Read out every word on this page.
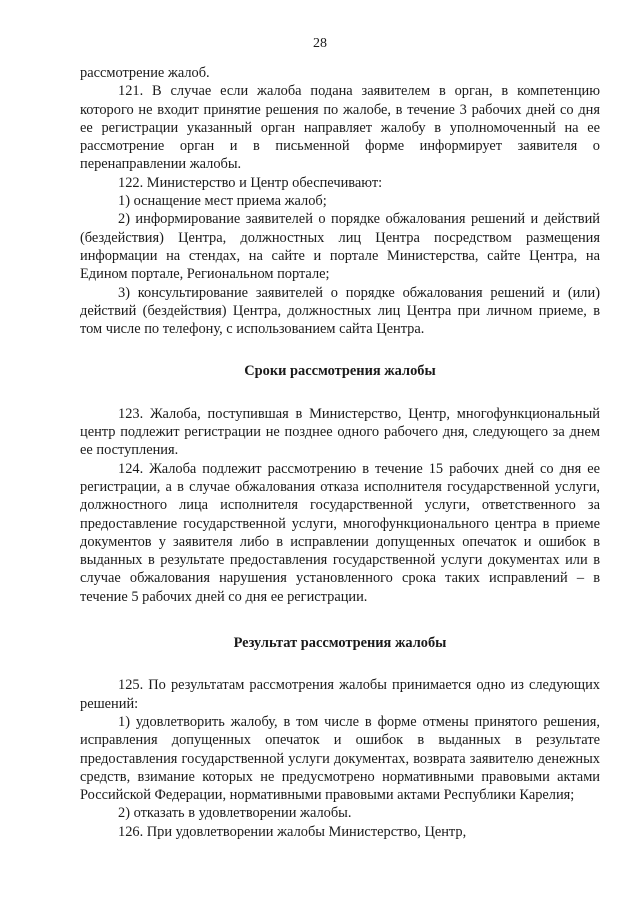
28

рассмотрение жалоб.

121. В случае если жалоба подана заявителем в орган, в компетенцию которого не входит принятие решения по жалобе, в течение 3 рабочих дней со дня ее регистрации указанный орган направляет жалобу в уполномоченный на ее рассмотрение орган и в письменной форме информирует заявителя о перенаправлении жалобы.

122. Министерство и Центр обеспечивают:

1) оснащение мест приема жалоб;

2) информирование заявителей о порядке обжалования решений и действий (бездействия) Центра, должностных лиц Центра посредством размещения информации на стендах, на сайте и портале Министерства, сайте Центра, на Едином портале, Региональном портале;

3) консультирование заявителей о порядке обжалования решений и (или) действий (бездействия) Центра, должностных лиц Центра при личном приеме, в том числе по телефону, с использованием сайта Центра.

Сроки рассмотрения жалобы

123. Жалоба, поступившая в Министерство, Центр, многофункциональный центр подлежит регистрации не позднее одного рабочего дня, следующего за днем ее поступления.

124. Жалоба подлежит рассмотрению в течение 15 рабочих дней со дня ее регистрации, а в случае обжалования отказа исполнителя государственной услуги, должностного лица исполнителя государственной услуги, ответственного за предоставление государственной услуги, многофункционального центра в приеме документов у заявителя либо в исправлении допущенных опечаток и ошибок в выданных в результате предоставления государственной услуги документах или в случае обжалования нарушения установленного срока таких исправлений – в течение 5 рабочих дней со дня ее регистрации.

Результат рассмотрения жалобы

125. По результатам рассмотрения жалобы принимается одно из следующих решений:

1) удовлетворить жалобу, в том числе в форме отмены принятого решения, исправления допущенных опечаток и ошибок в выданных в результате предоставления государственной услуги документах, возврата заявителю денежных средств, взимание которых не предусмотрено нормативными правовыми актами Российской Федерации, нормативными правовыми актами Республики Карелия;

2) отказать в удовлетворении жалобы.

126. При удовлетворении жалобы Министерство, Центр,
